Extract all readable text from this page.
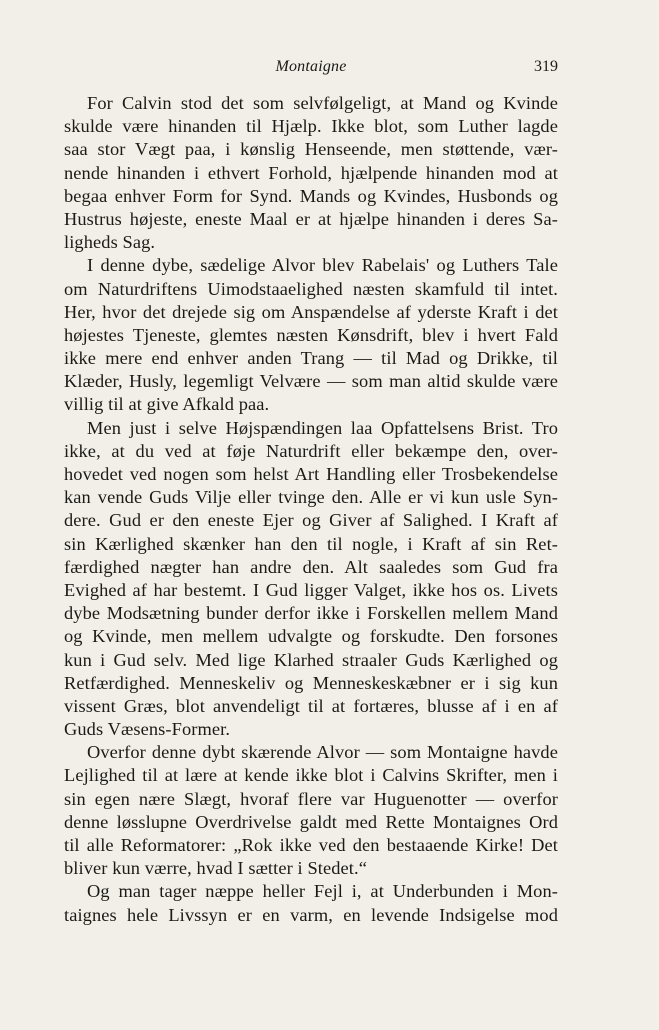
Montaigne	319
For Calvin stod det som selvfølgeligt, at Mand og Kvinde
skulde være hinanden til Hjælp. Ikke blot, som Luther lagde
saa stor Vægt paa, i kønslig Henseende, men støttende, vær-
nende hinanden i ethvert Forhold, hjælpende hinanden mod at
begaa enhver Form for Synd. Mands og Kvindes, Husbonds og
Hustrus højeste, eneste Maal er at hjælpe hinanden i deres Sa-
ligheds Sag.
I denne dybe, sædelige Alvor blev Rabelais' og Luthers Tale
om Naturdriftens Uimodstaaelighed næsten skamfuld til intet.
Her, hvor det drejede sig om Anspændelse af yderste Kraft i det
højestes Tjeneste, glemtes næsten Kønsdrift, blev i hvert Fald
ikke mere end enhver anden Trang — til Mad og Drikke, til
Klæder, Husly, legemligt Velvære — som man altid skulde være
villig til at give Afkald paa.
Men just i selve Højspændingen laa Opfattelsens Brist. Tro
ikke, at du ved at føje Naturdrift eller bekæmpe den, over-
hovedet ved nogen som helst Art Handling eller Trosbekendelse
kan vende Guds Vilje eller tvinge den. Alle er vi kun usle Syn-
dere. Gud er den eneste Ejer og Giver af Salighed. I Kraft af
sin Kærlighed skænker han den til nogle, i Kraft af sin Ret-
færdighed nægter han andre den. Alt saaledes som Gud fra
Evighed af har bestemt. I Gud ligger Valget, ikke hos os. Livets
dybe Modsætning bunder derfor ikke i Forskellen mellem Mand
og Kvinde, men mellem udvalgte og forskudte. Den forsones
kun i Gud selv. Med lige Klarhed straaler Guds Kærlighed og
Retfærdighed. Menneskeliv og Menneskeskæbner er i sig kun
vissent Græs, blot anvendeligt til at fortæres, blusse af i en af
Guds Væsens-Former.
Overfor denne dybt skærende Alvor — som Montaigne havde
Lejlighed til at lære at kende ikke blot i Calvins Skrifter, men i
sin egen nære Slægt, hvoraf flere var Huguenotter — overfor
denne løsslupne Overdrivelse galdt med Rette Montaignes Ord
til alle Reformatorer: „Rok ikke ved den bestaaende Kirke! Det
bliver kun værre, hvad I sætter i Stedet.“
Og man tager næppe heller Fejl i, at Underbunden i Mon-
taignes hele Livssyn er en varm, en levende Indsigelse mod
